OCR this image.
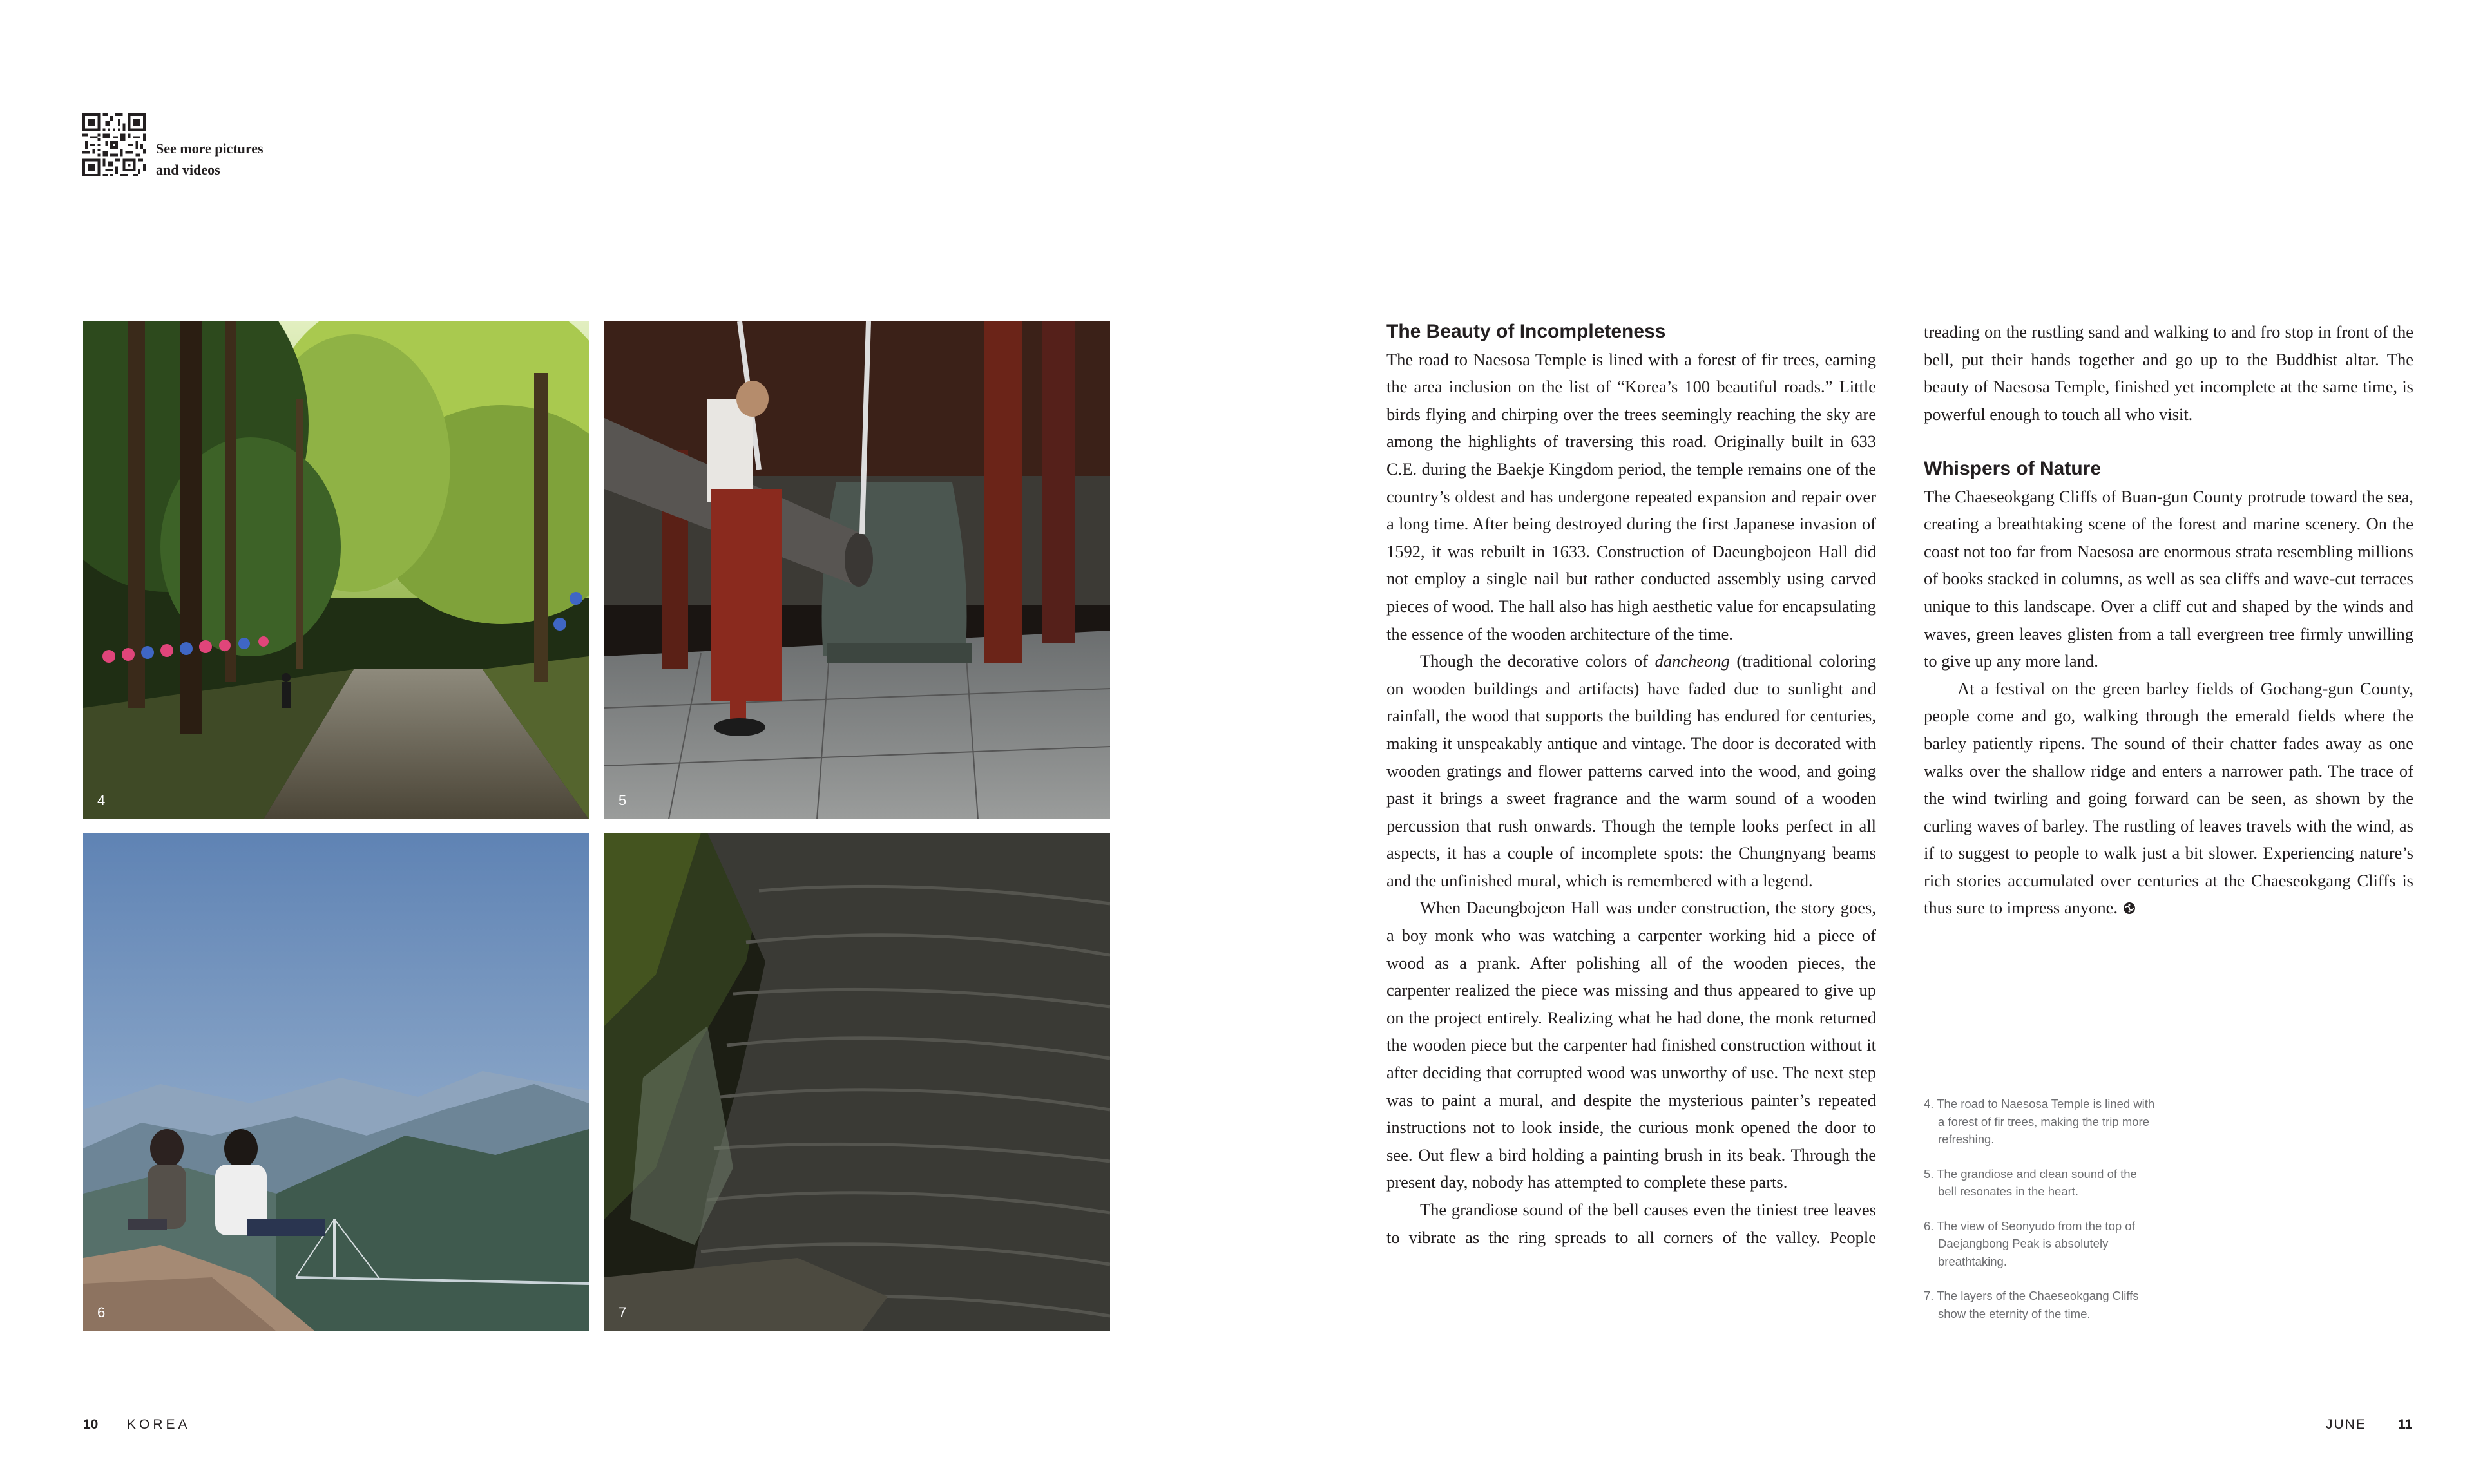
See more pictures
and videos
4	5
6	7
The Beauty of Incompleteness

The road to Naesosa Temple is lined with a forest of fir trees, earning the area inclusion on the list of “Korea’s 100 beautiful roads.” Little birds flying and chirping over the trees seemingly reaching the sky are among the highlights of traversing this road. Originally built in 633 C.E. during the Baekje Kingdom period, the temple remains one of the country’s oldest and has undergone repeated expansion and repair over a long time. After being destroyed during the first Japanese invasion of 1592, it was rebuilt in 1633. Construction of Daeungbojeon Hall did not employ a single nail but rather conducted assembly using carved pieces of wood. The hall also has high aesthetic value for encapsulating the essence of the wooden architecture of the time.

Though the decorative colors of dancheong (traditional coloring on wooden buildings and artifacts) have faded due to sunlight and rainfall, the wood that supports the building has endured for centuries, making it unspeakably antique and vintage. The door is decorated with wooden gratings and flower patterns carved into the wood, and going past it brings a sweet fragrance and the warm sound of a wooden percussion that rush onwards. Though the temple looks perfect in all aspects, it has a couple of incomplete spots: the Chungnyang beams and the unfinished mural, which is remembered with a legend.

When Daeungbojeon Hall was under construction, the story goes, a boy monk who was watching a carpenter working hid a piece of wood as a prank. After polishing all of the wooden pieces, the carpenter realized the piece was missing and thus appeared to give up on the project entirely. Realizing what he had done, the monk returned the wooden piece but the carpenter had finished construction without it after deciding that corrupted wood was unworthy of use. The next step was to paint a mural, and despite the mysterious painter’s repeated instructions not to look inside, the curious monk opened the door to see. Out flew a bird holding a painting brush in its beak. Through the present day, nobody has attempted to complete these parts.

The grandiose sound of the bell causes even the tiniest tree leaves to vibrate as the ring spreads to all corners of the valley. People

treading on the rustling sand and walking to and fro stop in front of the bell, put their hands together and go up to the Buddhist altar. The beauty of Naesosa Temple, finished yet incomplete at the same time, is powerful enough to touch all who visit.

Whispers of Nature

The Chaeseokgang Cliffs of Buan-gun County protrude toward the sea, creating a breathtaking scene of the forest and marine scenery. On the coast not too far from Naesosa are enormous strata resembling millions of books stacked in columns, as well as sea cliffs and wave-cut terraces unique to this landscape. Over a cliff cut and shaped by the winds and waves, green leaves glisten from a tall evergreen tree firmly unwilling to give up any more land.

At a festival on the green barley fields of Gochang-gun County, people come and go, walking through the emerald fields where the barley patiently ripens. The sound of their chatter fades away as one walks over the shallow ridge and enters a narrower path. The trace of the wind twirling and going forward can be seen, as shown by the curling waves of barley. The rustling of leaves travels with the wind, as if to suggest to people to walk just a bit slower. Experiencing nature’s rich stories accumulated over centuries at the Chaeseokgang Cliffs is thus sure to impress anyone.

4. The road to Naesosa Temple is lined with a forest of fir trees, making the trip more refreshing.

5. The grandiose and clean sound of the bell resonates in the heart.

6. The view of Seonyudo from the top of Daejangbong Peak is absolutely breathtaking.

7. The layers of the Chaeseokgang Cliffs show the eternity of the time.

10 KOREA	JUNE 11
